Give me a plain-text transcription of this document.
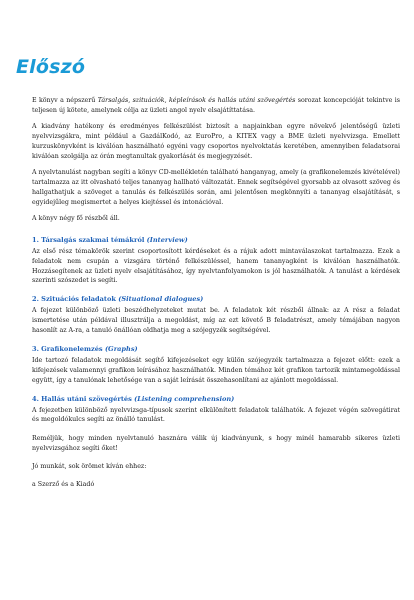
Előszó

E könyv a népszerű Társalgás, szituációk, képleírások és hallás utáni szövegértés sorozat koncepcióját tekintve is teljesen új kötete, amelynek célja az üzleti angol nyelv elsajátíttatása.

A kiadvány hatékony és eredményes felkészülést biztosít a napjainkban egyre növekvő jelentőségű üzleti nyelvvizsgákra, mint például a GazdálKodó, az EuroPro, a KITEX vagy a BME üzleti nyelvvizsga. Emellett kurzuskönyvként is kiválóan használható egyéni vagy csoportos nyelvoktatás keretében, amennyiben feladatsorai kiválóan szolgálja az órán megtanultak gyakorlását és megjegyzését.

A nyelvtanulást nagyban segíti a könyv CD-mellékletén található hanganyag, amely (a grafikonelemzés kivételével) tartalmazza az itt olvasható teljes tananyag hallható változatát. Ennek segítségével gyorsabb az olvasott szöveg és hallgathatjuk a szöveget a tanulás és felkészülés során, ami jelentősen megkönnyíti a tananyag elsajátítását, s egyidejűleg megismertet a helyes kiejtéssel és intonációval.

A könyv négy fő részből áll.

1. Társalgás szakmai témákról (Interview)

Az első rész témakörök szerint csoportosított kérdéseket és a rájuk adott mintaválaszokat tartalmazza. Ezek a feladatok nem csupán a vizsgára történő felkészüléssel, hanem tananyagként is kiválóan használhatók. Hozzásegítenek az üzleti nyelv elsajátításához, így nyelvtanfolyamokon is jól használhatók. A tanulást a kérdések szerinti szószedet is segíti.

2. Szituációs feladatok (Situational dialogues)

A fejezet különböző üzleti beszédhelyzeteket mutat be. A feladatok két részből állnak: az A rész a feladat ismertetése után példával illusztrálja a megoldást, míg az ezt követő B feladatrészt, amely témájában nagyon hasonlít az A-ra, a tanuló önállóan oldhatja meg a szójegyzék segítségével.

3. Grafikonelemzés (Graphs)

Ide tartozó feladatok megoldását segítő kifejezéseket egy külön szójegyzék tartalmazza a fejezet előtt: ezek a kifejezések valamennyi grafikon leírásához használhatók. Minden témához két grafikon tartozik mintamegoldással együtt, így a tanulónak lehetősége van a saját leírását összehasonlítani az ajánlott megoldással.

4. Hallás utáni szövegértés (Listening comprehension)

A fejezetben különböző nyelvvizsga-típusok szerint elkülönített feladatok találhatók. A fejezet végén szövegátirat és megoldókulcs segíti az önálló tanulást.

Reméljük, hogy minden nyelvtanuló hasznára válik új kiadványunk, s hogy minél hamarabb sikeres üzleti nyelvvizsgához segíti őket!

Jó munkát, sok örömet kíván ehhez:

a Szerző és a Kiadó
